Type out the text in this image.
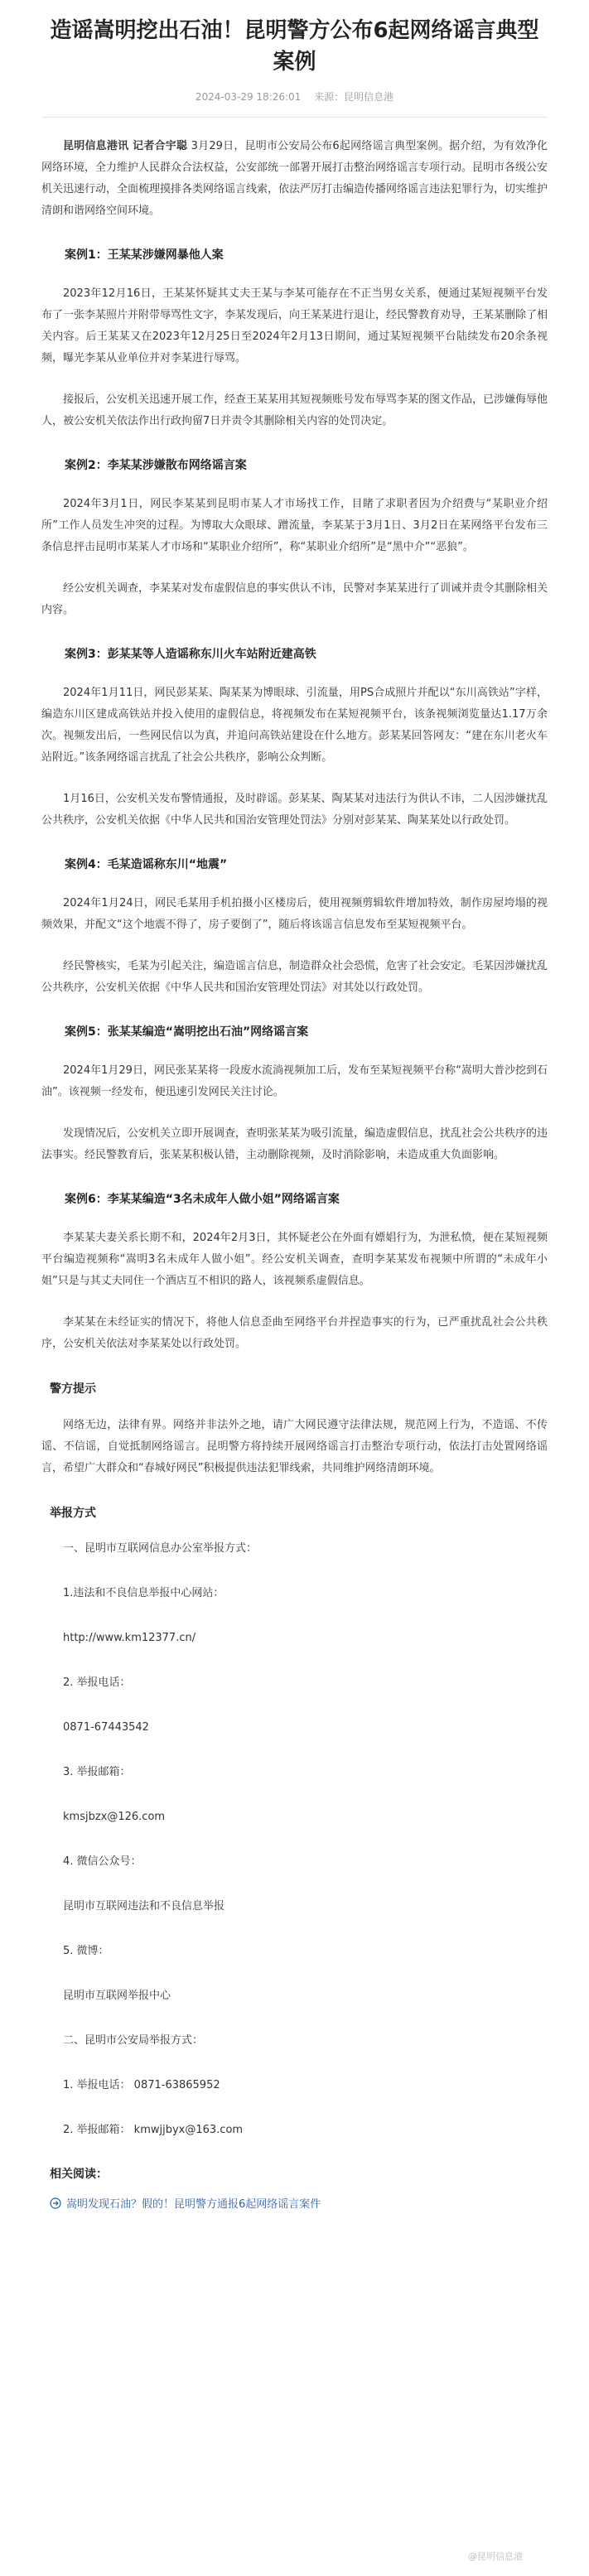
造谣嵩明挖出石油！昆明警方公布6起网络谣言典型案例
2024-03-29 18:26:01 来源：昆明信息港

昆明信息港讯 记者合宇聪 3月29日，昆明市公安局公布6起网络谣言典型案例。据介绍，为有效净化网络环境，全力维护人民群众合法权益，公安部统一部署开展打击整治网络谣言专项行动。昆明市各级公安机关迅速行动，全面梳理摸排各类网络谣言线索，依法严厉打击编造传播网络谣言违法犯罪行为，切实维护清朗和谐网络空间环境。

案例1：王某某涉嫌网暴他人案

2023年12月16日，王某某怀疑其丈夫王某与李某可能存在不正当男女关系，便通过某短视频平台发布了一张李某照片并附带辱骂性文字，李某发现后，向王某某进行退让，经民警教育劝导，王某某删除了相关内容。后王某某又在2023年12月25日至2024年2月13日期间，通过某短视频平台陆续发布20余条视频，曝光李某从业单位并对李某进行辱骂。

接报后，公安机关迅速开展工作，经查王某某用其短视频账号发布辱骂李某的图文作品，已涉嫌侮辱他人，被公安机关依法作出行政拘留7日并责令其删除相关内容的处罚决定。

案例2：李某某涉嫌散布网络谣言案

2024年3月1日，网民李某某到昆明市某人才市场找工作，目睹了求职者因为介绍费与“某职业介绍所”工作人员发生冲突的过程。为博取大众眼球、蹭流量，李某某于3月1日、3月2日在某网络平台发布三条信息抨击昆明市某某人才市场和“某职业介绍所”，称“某职业介绍所”是“黑中介”“恶狼”。

经公安机关调查，李某某对发布虚假信息的事实供认不讳，民警对李某某进行了训诫并责令其删除相关内容。

案例3：彭某某等人造谣称东川火车站附近建高铁

2024年1月11日，网民彭某某、陶某某为博眼球、引流量，用PS合成照片并配以“东川高铁站”字样，编造东川区建成高铁站并投入使用的虚假信息，将视频发布在某短视频平台，该条视频浏览量达1.17万余次。视频发出后，一些网民信以为真，并追问高铁站建设在什么地方。彭某某回答网友：“建在东川老火车站附近。”该条网络谣言扰乱了社会公共秩序，影响公众判断。

1月16日，公安机关发布警情通报，及时辟谣。彭某某、陶某某对违法行为供认不讳，二人因涉嫌扰乱公共秩序，公安机关依据《中华人民共和国治安管理处罚法》分别对彭某某、陶某某处以行政处罚。

案例4：毛某造谣称东川“地震”

2024年1月24日，网民毛某用手机拍摄小区楼房后，使用视频剪辑软件增加特效，制作房屋垮塌的视频效果，并配文“这个地震不得了，房子要倒了”，随后将该谣言信息发布至某短视频平台。

经民警核实，毛某为引起关注，编造谣言信息，制造群众社会恐慌，危害了社会安定。毛某因涉嫌扰乱公共秩序，公安机关依据《中华人民共和国治安管理处罚法》对其处以行政处罚。

案例5：张某某编造“嵩明挖出石油”网络谣言案

2024年1月29日，网民张某某将一段废水流淌视频加工后，发布至某短视频平台称“嵩明大普沙挖到石油”。该视频一经发布，便迅速引发网民关注讨论。

发现情况后，公安机关立即开展调查，查明张某某为吸引流量，编造虚假信息，扰乱社会公共秩序的违法事实。经民警教育后，张某某积极认错，主动删除视频，及时消除影响，未造成重大负面影响。

案例6：李某某编造“3名未成年人做小姐”网络谣言案

李某某夫妻关系长期不和，2024年2月3日，其怀疑老公在外面有嫖娼行为，为泄私愤，便在某短视频平台编造视频称“嵩明3名未成年人做小姐”。经公安机关调查，查明李某某发布视频中所谓的“未成年小姐”只是与其丈夫同住一个酒店互不相识的路人，该视频系虚假信息。

李某某在未经证实的情况下，将他人信息歪曲至网络平台并捏造事实的行为，已严重扰乱社会公共秩序，公安机关依法对李某某处以行政处罚。

警方提示

网络无边，法律有界。网络并非法外之地，请广大网民遵守法律法规，规范网上行为，不造谣、不传谣、不信谣，自觉抵制网络谣言。昆明警方将持续开展网络谣言打击整治专项行动，依法打击处置网络谣言，希望广大群众和“春城好网民”积极提供违法犯罪线索，共同维护网络清朗环境。

举报方式
一、昆明市互联网信息办公室举报方式：
1.违法和不良信息举报中心网站：
http://www.km12377.cn/
2. 举报电话：
0871-67443542
3. 举报邮箱：
kmsjbzx@126.com
4. 微信公众号：
昆明市互联网违法和不良信息举报
5. 微博：
昆明市互联网举报中心
二、昆明市公安局举报方式：
1. 举报电话： 0871-63865952
2. 举报邮箱： kmwjjbyx@163.com
相关阅读：
嵩明发现石油？假的！昆明警方通报6起网络谣言案件
@昆明信息港
